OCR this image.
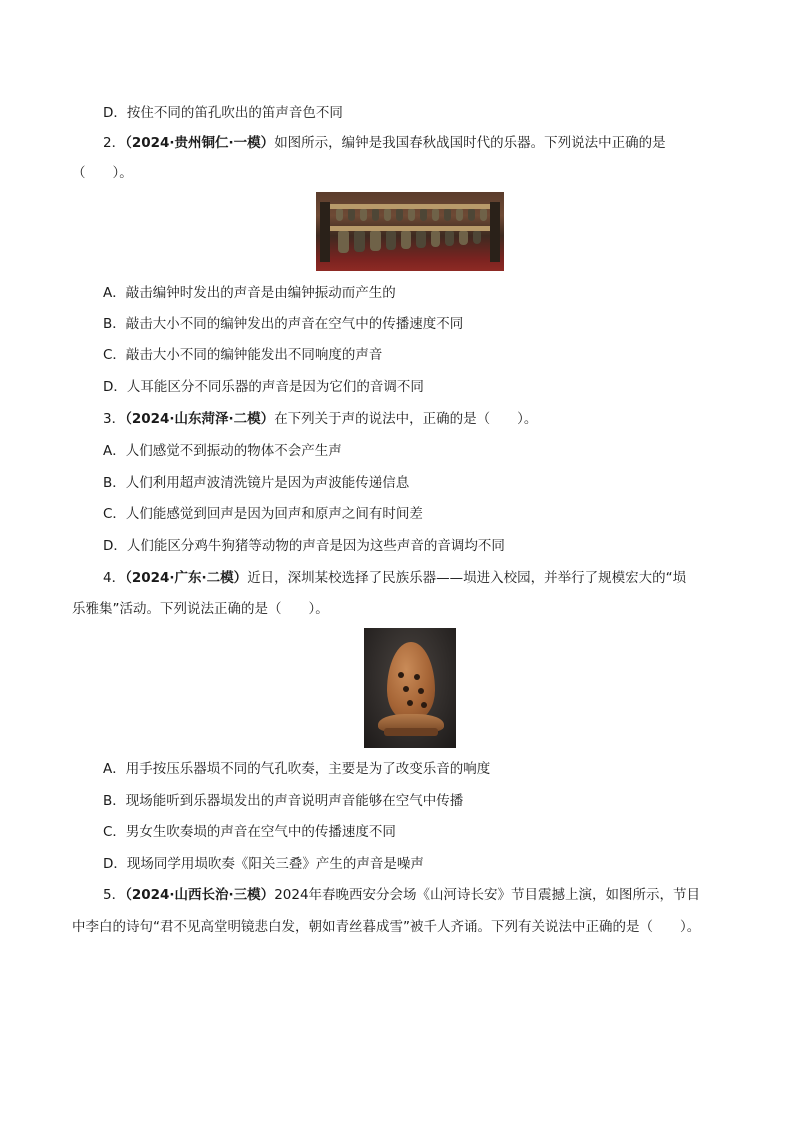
D．按住不同的笛孔吹出的笛声音色不同
2．（2024·贵州铜仁·一模）如图所示，编钟是我国春秋战国时代的乐器。下列说法中正确的是
（　　）。
A．敲击编钟时发出的声音是由编钟振动而产生的
B．敲击大小不同的编钟发出的声音在空气中的传播速度不同
C．敲击大小不同的编钟能发出不同响度的声音
D．人耳能区分不同乐器的声音是因为它们的音调不同
3．（2024·山东菏泽·二模）在下列关于声的说法中，正确的是（　　）。
A．人们感觉不到振动的物体不会产生声
B．人们利用超声波清洗镜片是因为声波能传递信息
C．人们能感觉到回声是因为回声和原声之间有时间差
D．人们能区分鸡牛狗猪等动物的声音是因为这些声音的音调均不同
4．（2024·广东·二模）近日，深圳某校选择了民族乐器——埙进入校园，并举行了规模宏大的“埙
乐雅集”活动。下列说法正确的是（　　）。
A．用手按压乐器埙不同的气孔吹奏，主要是为了改变乐音的响度
B．现场能听到乐器埙发出的声音说明声音能够在空气中传播
C．男女生吹奏埙的声音在空气中的传播速度不同
D．现场同学用埙吹奏《阳关三叠》产生的声音是噪声
5．（2024·山西长治·三模）2024年春晚西安分会场《山河诗长安》节目震撼上演，如图所示，节目
中李白的诗句“君不见高堂明镜悲白发，朝如青丝暮成雪”被千人齐诵。下列有关说法中正确的是（　　）。
